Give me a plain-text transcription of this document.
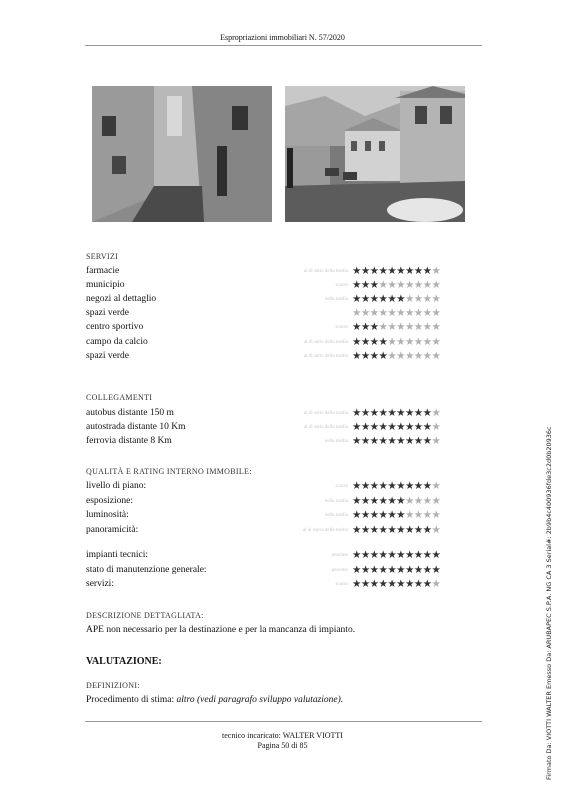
Espropriazioni immobiliari N. 57/2020
SERVIZI
farmacie	al di sotto della media ★★★★★★★★★★
municipio	scarso ★★★★★★★★★★
negozi al dettaglio	nella media ★★★★★★★★★★
spazi verde	★★★★★★★★★★
centro sportivo	scarso ★★★★★★★★★★
campo da calcio	al di sotto della media ★★★★★★★★★★
spazi verde	al di sotto della media ★★★★★★★★★★
COLLEGAMENTI
autobus distante 150 m	al di sotto della media ★★★★★★★★★★
autostrada distante 10 Km	al di sotto della media ★★★★★★★★★★
ferrovia distante 8 Km	nella media ★★★★★★★★★★
QUALITÀ E RATING INTERNO IMMOBILE:
livello di piano:	scarso ★★★★★★★★★★
esposizione:	nella media ★★★★★★★★★★
luminosità:	nella media ★★★★★★★★★★
panoramicità:	al di sopra della media ★★★★★★★★★★
impianti tecnici:	pessimo ★★★★★★★★★★
stato di manutenzione generale:	pessimo ★★★★★★★★★★
servizi:	scarso ★★★★★★★★★★
DESCRIZIONE DETTAGLIATA:
APE non necessario per la destinazione e per la mancanza di impianto.
VALUTAZIONE:
DEFINIZIONI:
Procedimento di stima: altro (vedi paragrafo sviluppo valutazione).
tecnico incaricato: WALTER VIOTTI
Pagina 50 di 85	Firmato Da: VIOTTI WALTER Emesso Da: ARUBAPEC S.P.A. NG CA 3 Serial#: 2b9b4c400936fde3c2d0b20936c
